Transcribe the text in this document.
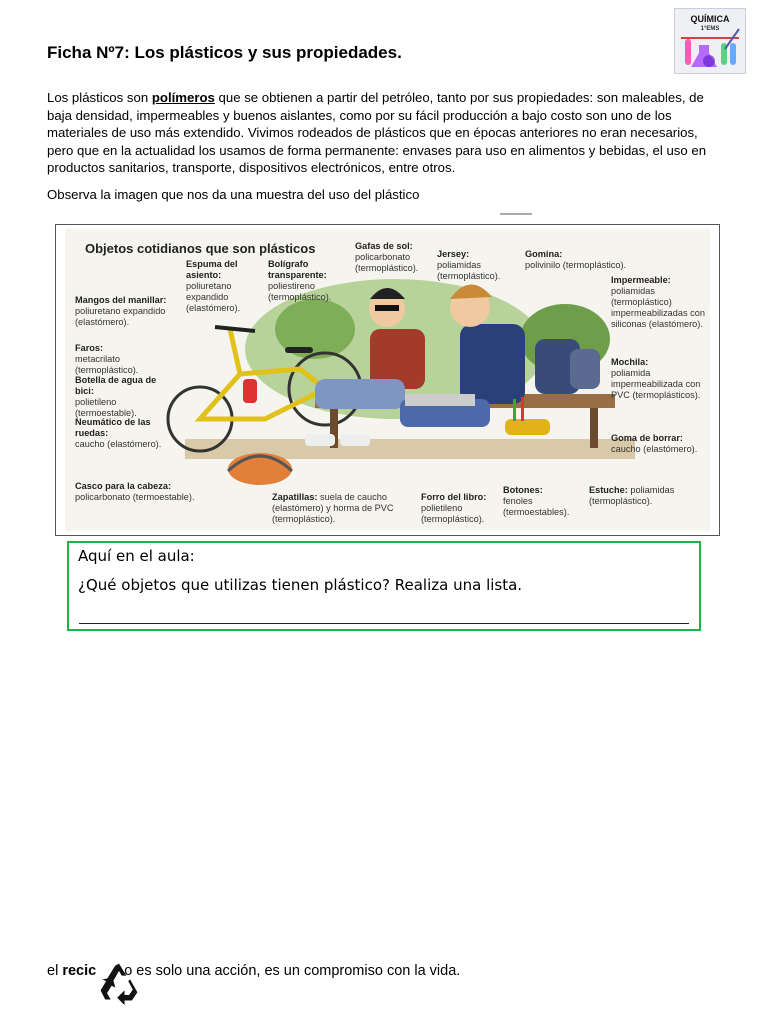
Ficha Nº7: Los plásticos y sus propiedades.
QUÍMICA
1°EMS
Los plásticos son polímeros que se obtienen a partir del petróleo, tanto por sus propiedades: son maleables, de baja densidad, impermeables y buenos aislantes, como por su fácil producción a bajo costo son uno de los materiales de uso más extendido. Vivimos rodeados de plásticos que en épocas anteriores no eran necesarios, pero que en la actualidad los usamos de forma permanente: envases para uso en alimentos y bebidas, el uso en productos sanitarios, transporte, dispositivos electrónicos, entre otros.
Observa la imagen que nos da una muestra del uso del plástico
Objetos cotidianos que son plásticos
Espuma del asiento:
poliuretano expandido (elastómero).
Bolígrafo transparente:
poliestireno (termoplástico).
Gafas de sol:
policarbonato (termoplástico).
Jersey:
poliamidas (termoplástico).
Gomina:
polivinilo (termoplástico).
Mangos del manillar:
poliuretano expandido (elastómero).
Faros:
metacrilato (termoplástico).
Botella de agua de bici:
polietileno (termoestable).
Neumático de las ruedas:
caucho (elastómero).
Casco para la cabeza:
policarbonato (termoestable).	Zapatillas: suela de caucho (elastómero) y horma de PVC (termoplástico).
Forro del libro:
polietileno (termoplástico).
Botones:
fenoles (termoestables).
Estuche: poliamidas (termoplástico).
Impermeable:
poliamidas (termoplástico) impermeabilizadas con siliconas (elastómero).
Mochila:
poliamida impermeabilizada con PVC (termoplásticos).
Goma de borrar:
caucho (elastómero).
Aquí en el aula:
¿Qué objetos que utilizas tienen plástico? Realiza una lista.
el recic o es solo una acción, es un compromiso con la vida.
